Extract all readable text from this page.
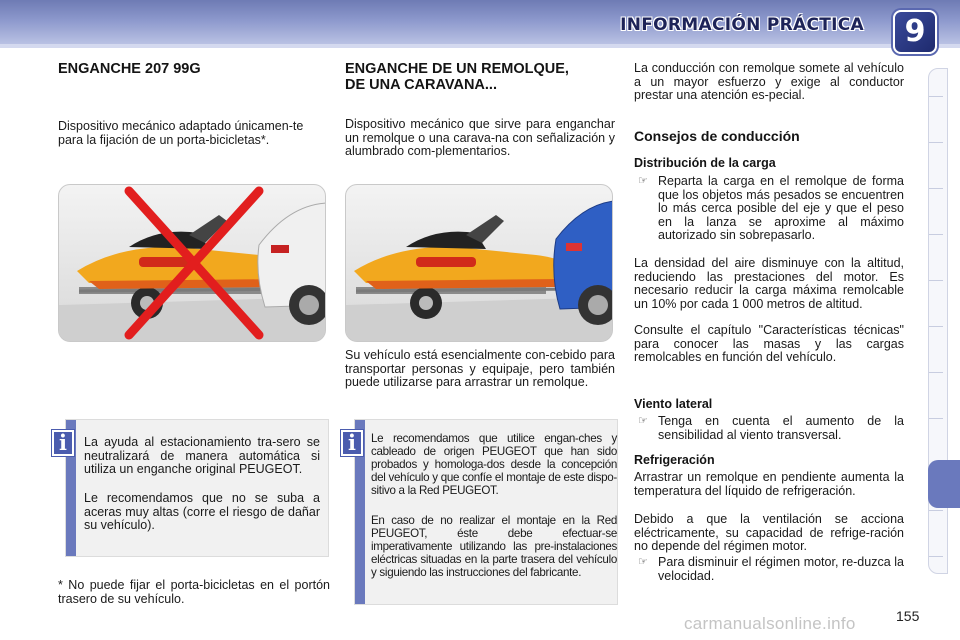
INFORMACIÓN PRÁCTICA	9
ENGANCHE 207 99G
Dispositivo mecánico adaptado únicamen-te para la fijación de un porta-bicicletas*.
La ayuda al estacionamiento tra-sero se neutralizará de manera automática si utiliza un enganche original PEUGEOT.
Le recomendamos que no se suba a aceras muy altas (corre el riesgo de dañar su vehículo).
i
* No puede fijar el porta-bicicletas en el portón trasero de su vehículo.
ENGANCHE DE UN REMOLQUE,
DE UNA CARAVANA...
Dispositivo mecánico que sirve para enganchar un remolque o una carava-na con señalización y alumbrado com-plementarios.
Su vehículo está esencialmente con-cebido para transportar personas y equipaje, pero también puede utilizarse para arrastrar un remolque.
Le recomendamos que utilice engan-ches y cableado de origen PEUGEOT que han sido probados y homologa-dos desde la concepción del vehículo y que confíe el montaje de este dispo-sitivo a la Red PEUGEOT.
En caso de no realizar el montaje en la Red PEUGEOT, éste debe efectuar-se imperativamente utilizando las pre-instalaciones eléctricas situadas en la parte trasera del vehículo y siguiendo las instrucciones del fabricante.
i
La conducción con remolque somete al vehículo a un mayor esfuerzo y exige al conductor prestar una atención es-pecial.
Consejos de conducción
Distribución de la carga
☞ Reparta la carga en el remolque de forma que los objetos más pesados se encuentren lo más cerca posible del eje y que el peso en la lanza se aproxime al máximo autorizado sin sobrepasarlo.
La densidad del aire disminuye con la altitud, reduciendo las prestaciones del motor. Es necesario reducir la carga máxima remolcable un 10% por cada 1 000 metros de altitud.
Consulte el capítulo "Características técnicas" para conocer las masas y las cargas remolcables en función del vehículo.
Viento lateral
☞ Tenga en cuenta el aumento de la sensibilidad al viento transversal.
Refrigeración
Arrastrar un remolque en pendiente aumenta la temperatura del líquido de refrigeración.
Debido a que la ventilación se acciona eléctricamente, su capacidad de refrige-ración no depende del régimen motor.
☞ Para disminuir el régimen motor, re-duzca la velocidad.
carmanualsonline.info	155
